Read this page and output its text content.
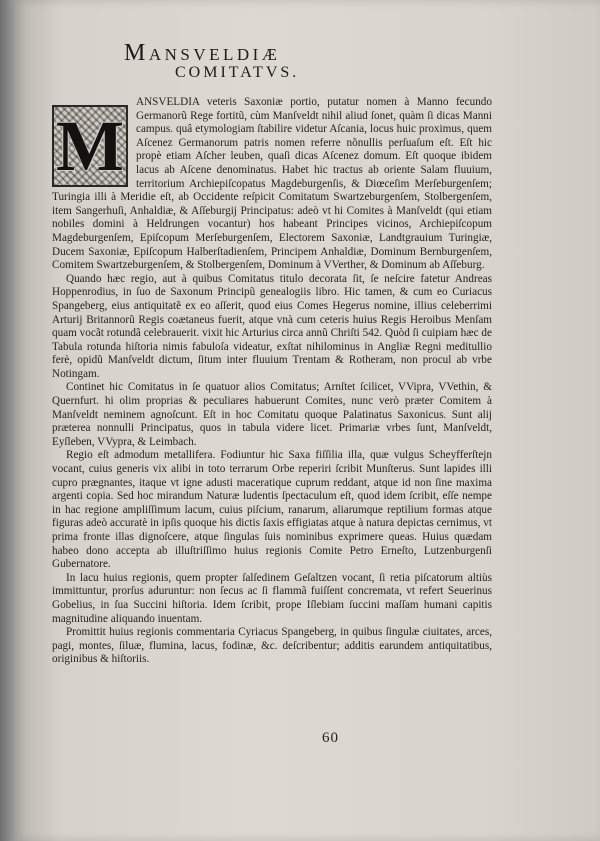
Mansveldiæ
COMITATVS.

ANSVELDIA veteris Saxoniæ portio, putatur nomen à Manno fecundo Germanorũ Rege fortitũ, cùm Manſveldt nihil aliud ſonet, quàm ſi dicas Manni campus. quâ etymologiam ſtabilire videtur Aſcania, locus huic proximus, quem Aſcenez Germanorum patris nomen referre nõnullis perſuaſum eſt. Eſt hic propè etiam Aſcher leuben, quaſi dicas Aſcenez domum. Eſt quoque ibidem lacus ab Aſcene denominatus. Habet hic tractus ab oriente Salam fluuium, territorium Archiepiſcopatus Magdeburgenſis, & Diœceſim Merſeburgenſem; Turingia illi à Meridie eſt, ab Occidente reſpicit Comitatum Swartzeburgenſem, Stolbergenſem, item Sangerhuſi, Anhaldiæ, & Aſſeburgij Principatus: adeò vt hi Comites à Manſveldt (qui etiam nobiles domini à Heldrungen vocantur) hos habeant Principes vicinos, Archiepiſcopum Magdeburgenſem, Epiſcopum Merſeburgenſem, Electorem Saxoniæ, Landtgrauium Turingiæ, Ducem Saxoniæ, Epiſcopum Halberſtadienſem, Principem Anhaldiæ, Dominum Bernburgenſem, Comitem Swartzeburgenſem, & Stolbergenſem, Dominum à VVerther, & Dominum ab Aſſeburg.

Quando hæc regio, aut à quibus Comitatus titulo decorata ſit, ſe neſcire fatetur Andreas Hoppenrodius, in ſuo de Saxonum Principũ genealogiis libro. Hic tamen, & cum eo Curiacus Spangeberg, eius antiquitatẽ ex eo aſſerit, quod eius Comes Hegerus nomine, illius celeberrimi Arturij Britannorũ Regis coætaneus fuerit, atque vnà cum ceteris huius Regis Heroibus Menſam quam vocãt rotundã celebrauerit. vixit hic Arturius circa annũ Chriſti 542. Quòd ſi cuipiam hæc de Tabula rotunda hiſtoria nimis fabuloſa videatur, exſtat nihilominus in Angliæ Regni meditullio ferè, opidũ Manſveldt dictum, ſitum inter fluuium Trentam & Rotheram, non procul ab vrbe Notingam.

Continet hic Comitatus in ſe quatuor alios Comitatus; Arnſtet ſcilicet, VVipra, VVethin, & Quernfurt. hi olim proprias & peculiares habuerunt Comites, nunc verò præter Comitem à Manſveldt neminem agnoſcunt. Eſt in hoc Comitatu quoque Palatinatus Saxonicus. Sunt alij præterea nonnulli Principatus, quos in tabula videre licet. Primariæ vrbes ſunt, Manſveldt, Eyſleben, VVypra, & Leimbach.

Regio eſt admodum metallifera. Fodiuntur hic Saxa fiſſilia illa, quæ vulgus Scheyfferſtejn vocant, cuius generis vix alibi in toto terrarum Orbe reperiri ſcribit Munſterus. Sunt lapides illi cupro prægnantes, itaque vt igne adusti maceratique cuprum reddant, atque id non ſine maxima argenti copia. Sed hoc mirandum Naturæ ludentis ſpectaculum eſt, quod idem ſcribit, eſſe nempe in hac regione ampliſſimum lacum, cuius piſcium, ranarum, aliarumque reptilium formas atque figuras adeò accuratè in ipſis quoque his dictis ſaxis effigiatas atque à natura depictas cernimus, vt prima fronte illas dignoſcere, atque ſingulas ſuis nominibus exprimere queas. Huius quædam habeo dono accepta ab illuſtriſſimo huius regionis Comite Petro Erneſto, Lutzenburgenſi Gubernatore.

In lacu huius regionis, quem propter ſalſedinem Geſaltzen vocant, ſi retia piſcatorum altiùs immittuntur, prorſus aduruntur: non ſecus ac ſi flammã fuiſſent concremata, vt refert Seuerinus Gobelius, in ſua Succini hiſtoria. Idem ſcribit, prope Iſlebiam ſuccini maſſam humani capitis magnitudine aliquando inuentam.

Promittit huius regionis commentaria Cyriacus Spangeberg, in quibus ſingulæ ciuitates, arces, pagi, montes, ſiluæ, flumina, lacus, fodinæ, &c. deſcribentur; additis earundem antiquitatibus, originibus & hiſtoriis.

M
60
